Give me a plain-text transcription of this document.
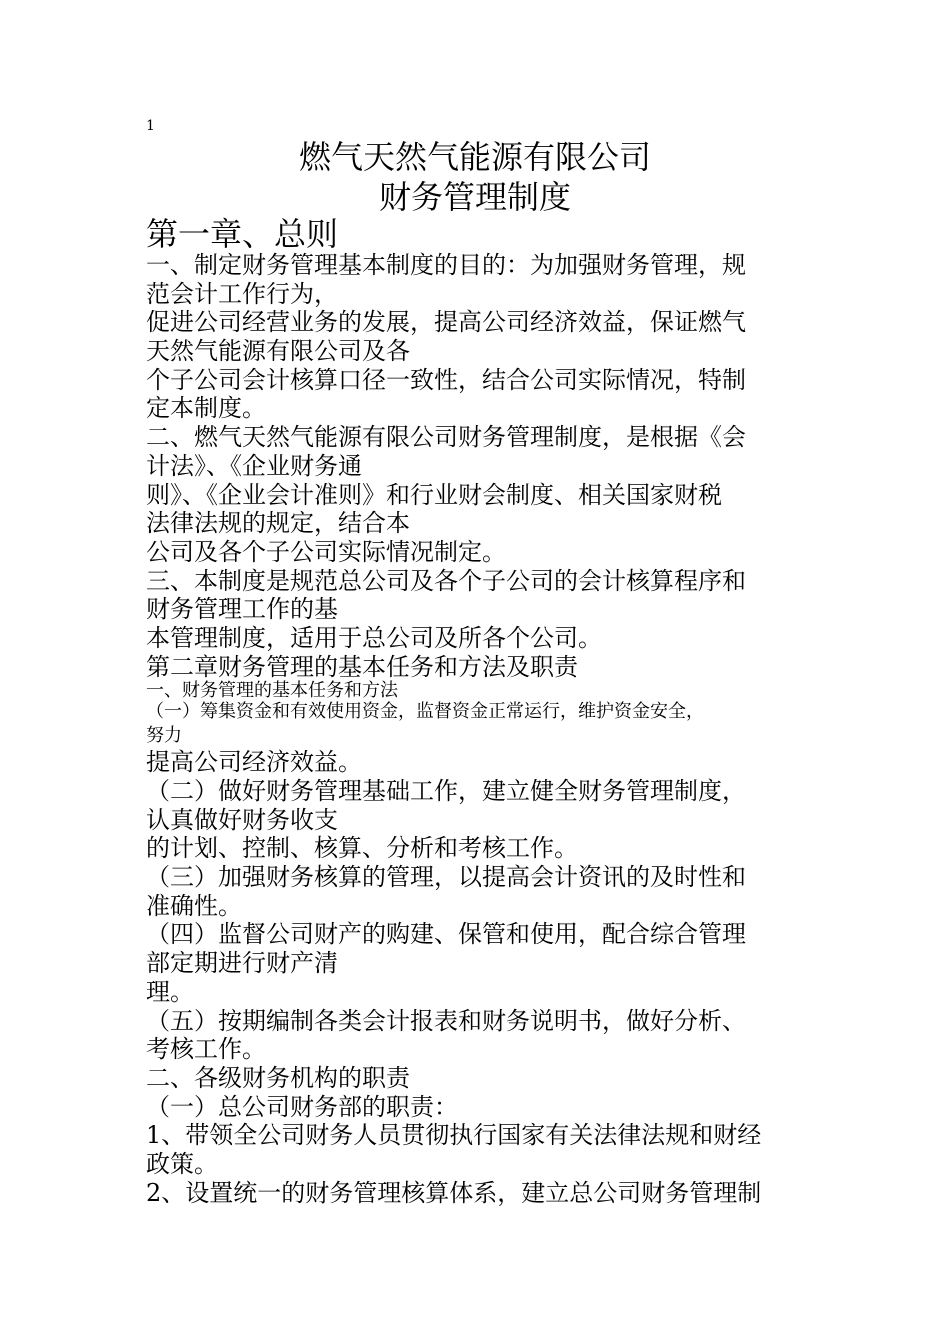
1
燃气天然气能源有限公司
财务管理制度
第一章、总则
一、制定财务管理基本制度的目的：为加强财务管理，规
范会计工作行为，
促进公司经营业务的发展，提高公司经济效益，保证燃气
天然气能源有限公司及各
个子公司会计核算口径一致性，结合公司实际情况，特制
定本制度。
二、燃气天然气能源有限公司财务管理制度，是根据《会
计法》、《企业财务通
则》、《企业会计准则》和行业财会制度、相关国家财税
法律法规的规定，结合本
公司及各个子公司实际情况制定。
三、本制度是规范总公司及各个子公司的会计核算程序和
财务管理工作的基
本管理制度，适用于总公司及所各个公司。
第二章财务管理的基本任务和方法及职责
一、财务管理的基本任务和方法
（一）筹集资金和有效使用资金，监督资金正常运行，维护资金安全，
努力
提高公司经济效益。
（二）做好财务管理基础工作，建立健全财务管理制度，
认真做好财务收支
的计划、控制、核算、分析和考核工作。
（三）加强财务核算的管理，以提高会计资讯的及时性和
准确性。
（四）监督公司财产的购建、保管和使用，配合综合管理
部定期进行财产清
理。
（五）按期编制各类会计报表和财务说明书，做好分析、
考核工作。
二、各级财务机构的职责
（一）总公司财务部的职责：
1、带领全公司财务人员贯彻执行国家有关法律法规和财经
政策。
2、设置统一的财务管理核算体系，建立总公司财务管理制
